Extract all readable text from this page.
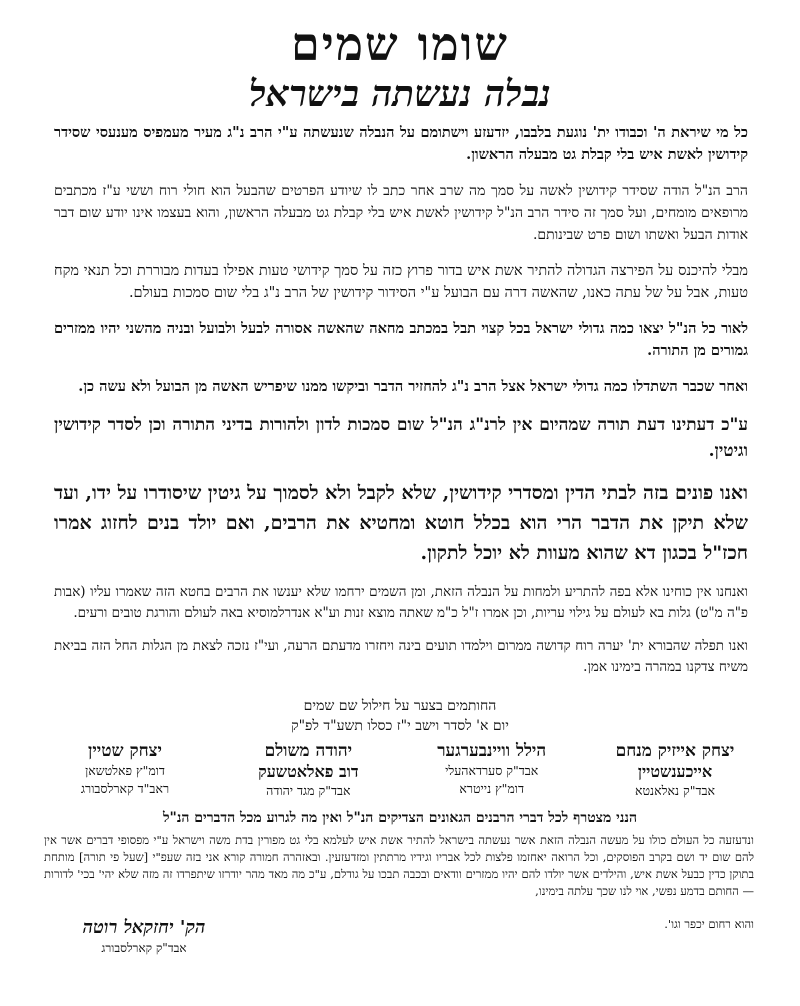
שומו שמים
נבלה נעשתה בישראל

כל מי שיראת ה' וכבודו ית' נוגעת בלבבו, יזדעזע וישתומם על הנבלה שנעשתה ע"י הרב נ"ג מעיר מעמפיס מענעסי שסידר קידושין לאשת איש בלי קבלת גט מבעלה הראשון.

הרב הנ"ל הודה שסידר קידושין לאשה על סמך מה שרב אחר כתב לו שיודע הפרטים שהבעל הוא חולי רוח וששי ע"ז מכתבים מרופאים מומחים, ועל סמך זה סידר הרב הנ"ל קידושין לאשת איש בלי קבלת גט מבעלה הראשון, והוא בעצמו אינו יודע שום דבר אודות הבעל ואשתו ושום פרט שבינותם.

מבלי להיכנס על הפירצה הגדולה להתיר אשת איש בדור פרוץ כזה על סמך קידושי טעות אפילו בעדות מבוררת וכל תנאי מקח טעות, אבל על של עתה כאנו, שהאשה דרה עם הבועל ע"י הסידור קידושין של הרב נ"ג בלי שום סמכות בעולם.

לאור כל הנ"ל יצאו כמה גדולי ישראל בכל קצוי תבל במכתב מחאה שהאשה אסורה לבעל ולבועל ובניה מהשני יהיו ממזרים גמורים מן התורה.

ואחר שכבר השתדלו כמה גדולי ישראל אצל הרב נ"ג להחזיר הדבר וביקשו ממנו שיפריש האשה מן הבועל ולא עשה כן.

ע"כ דעתינו דעת תורה שמהיום אין לרנ"ג הנ"ל שום סמכות לדון ולהורות בדיני התורה וכן לסדר קידושין וגיטין.

ואנו פונים בזה לבתי הדין ומסדרי קידושין, שלא לקבל ולא לסמוך על גיטין שיסודרו על ידו, ועד שלא תיקן את הדבר הרי הוא בכלל חוטא ומחטיא את הרבים, ואם יולד בנים לחזוג אמרו חכז"ל בכגון דא שהוא מעוות לא יוכל לתקון.

ואנחנו אין כוחינו אלא בפה להתריע ולמחות על הנבלה הזאת, ומן השמים ירחמו שלא יענשו את הרבים בחטא הזה שאמרו עליו (אבות פ"ה מ"ט) גלות בא לעולם על גילוי עריות, וכן אמרו ז"ל כ"מ שאתה מוצא זנות וע"א אנדרלמוסיא באה לעולם והורגת טובים ורעים.

ואנו תפלה שהבורא ית' יערה רוח קדושה ממרום וילמדו תועים בינה ויחזרו מדעתם הרעה, ועי"ז נזכה לצאת מן הגלות החל הזה בביאת משיח צדקנו במהרה בימינו אמן.

החותמים בצער על חילול שם שמים
יום א' לסדר וישב י"ז כסלו תשע"ד לפ"ק
יצחק אייזיק מנחם
אייכענשטיין
אבד"ק נאלאנטא
הילל וויינבערגער
אבד"ק סערדאהעלי
דומ"ץ נייטרא
יהודה משולם
דוב פאלאטשעק
אבד"ק מגד יהודה
יצחק שטיין
דומ"ץ פאלטשאן
ראב"ד קארלסבורג
הנני מצטרף לכל דברי הרבנים הגאונים הצדיקים הנ"ל ואין מה לגרוע מכל הדברים הנ"ל
ונדעזעה כל העולם כולו על מעשה הנבלה הזאת אשר נעשתה בישראל להתיר אשת איש לעלמא בלי גט מפורין בדת משה וישראל ע"י מפסופי דברים אשר אין להם שום יד ושם בקרב הפוסקים, וכל הרואה יאחזמו פלצות לכל אבריו וגידיו מרתתין ומזדעזעין. ובאזהרה חמורה קורא אני בזה שעפ"י [שעל פי תורה] מותחת בתוקן כדין כבעל אשת איש, והילדים אשר יולדו להם יהיו ממזרים וודאים ובכבה תבכו על גודלם, ע"כ מה מאד מהר יודרזו שיתפרדו זה מזה שלא יהי' בכי' לדורות — החותם בדמע נפשי, אוי לנו שכך עלתה בימינו,
והוא רחום יכפר וגו'.
הק' יחזקאל רוטה
אבד"ק קארלסבורג
